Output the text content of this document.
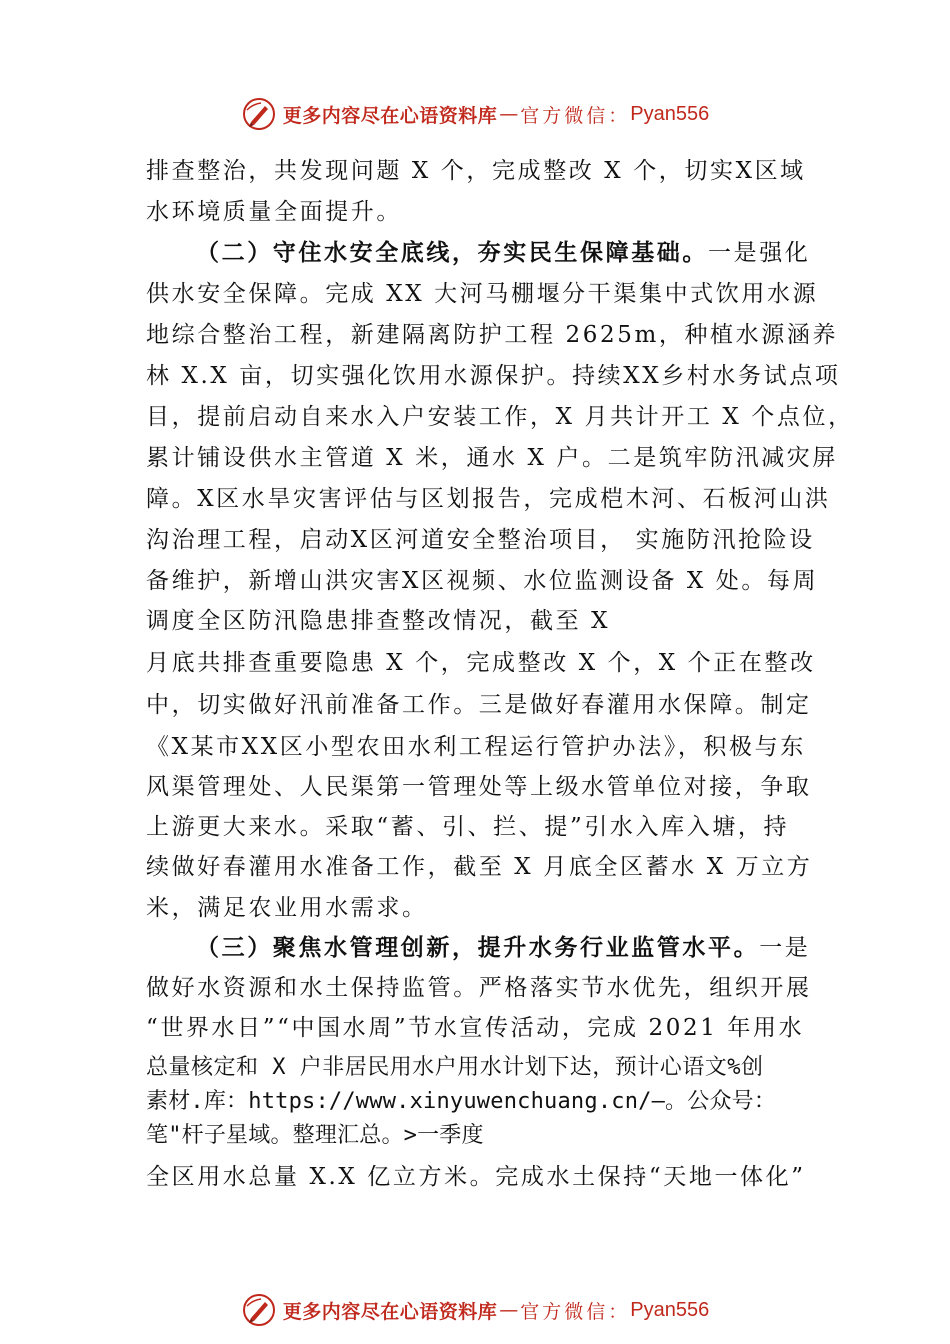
更多内容尽在心语资料库 — 官方微信： Pyan556
排查整治，共发现问题 X 个，完成整改 X 个，切实X区域
水环境质量全面提升。
（二）守住水安全底线，夯实民生保障基础。一是强化
供水安全保障。完成 XX 大河马棚堰分干渠集中式饮用水源
地综合整治工程，新建隔离防护工程 2625m，种植水源涵养
林 X.X 亩，切实强化饮用水源保护。持续XX乡村水务试点项
目，提前启动自来水入户安装工作，X 月共计开工 X 个点位，
累计铺设供水主管道 X 米，通水 X 户。二是筑牢防汛减灾屏
障。X区水旱灾害评估与区划报告，完成桤木河、石板河山洪
沟治理工程，启动X区河道安全整治项目， 实施防汛抢险设
备维护，新增山洪灾害X区视频、水位监测设备 X 处。每周
调度全区防汛隐患排查整改情况，截至 X
月底共排查重要隐患 X 个，完成整改 X 个，X 个正在整改
中，切实做好汛前准备工作。三是做好春灌用水保障。制定
《X某市XX区小型农田水利工程运行管护办法》，积极与东
风渠管理处、人民渠第一管理处等上级水管单位对接，争取
上游更大来水。采取“蓄、引、拦、提”引水入库入塘，持
续做好春灌用水准备工作，截至 X 月底全区蓄水 X 万立方
米，满足农业用水需求。
（三）聚焦水管理创新，提升水务行业监管水平。一是
做好水资源和水土保持监管。严格落实节水优先，组织开展
“世界水日”“中国水周”节水宣传活动，完成 2021 年用水
总量核定和 X 户非居民用水户用水计划下达，预计心语文%创
素材.库：https://www.xinyuwenchuang.cn/—。公众号：
笔"杆子星域。整理汇总。>一季度
全区用水总量 X.X 亿立方米。完成水土保持“天地一体化”
更多内容尽在心语资料库 — 官方微信： Pyan556
